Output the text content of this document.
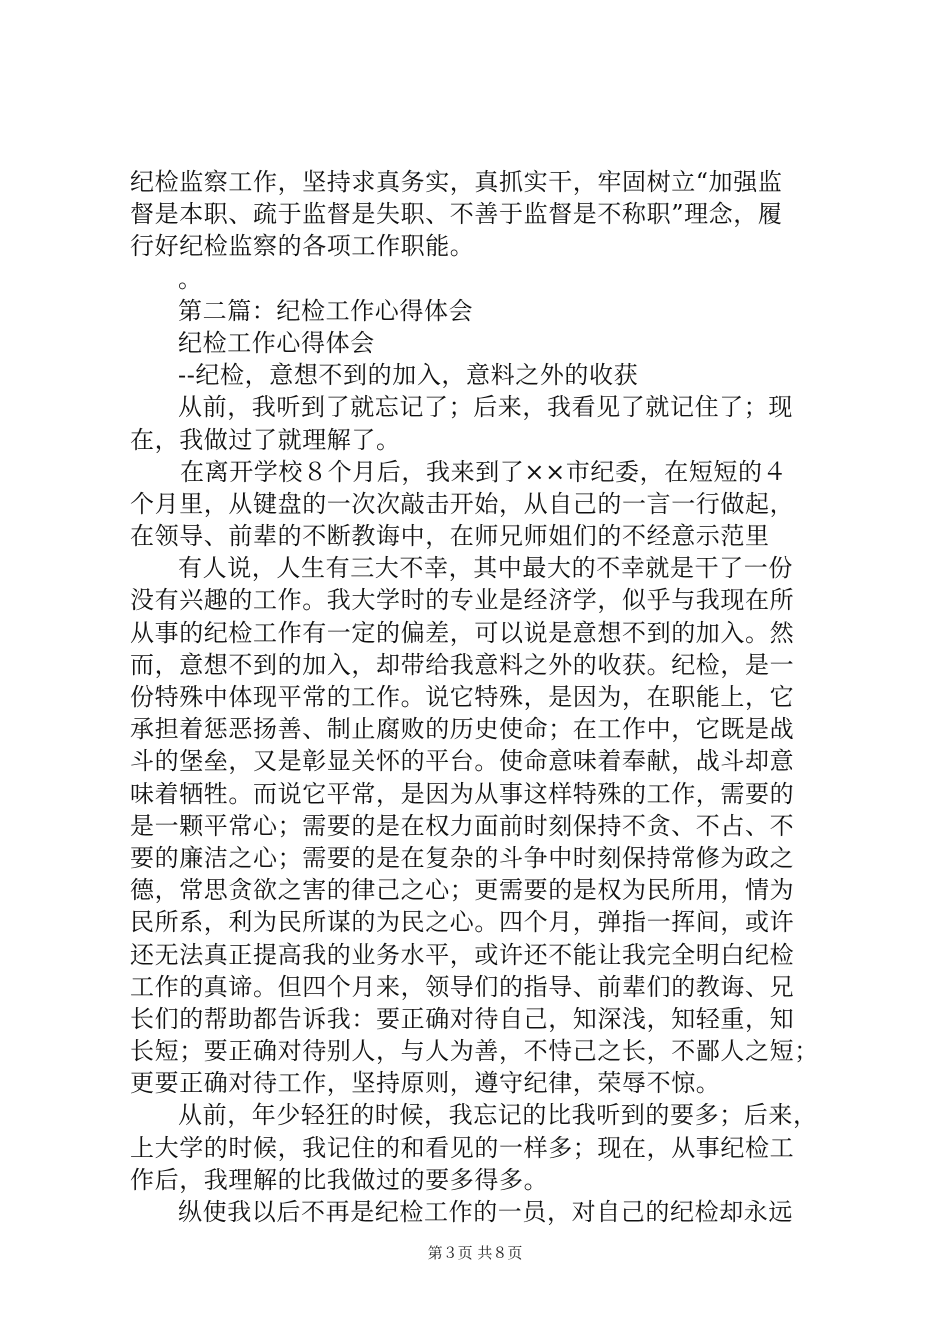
纪检监察工作，坚持求真务实，真抓实干，牢固树立“加强监
督是本职、疏于监督是失职、不善于监督是不称职”理念，履
行好纪检监察的各项工作职能。
。
第二篇：纪检工作心得体会
纪检工作心得体会
--纪检，意想不到的加入，意料之外的收获
从前，我听到了就忘记了；后来，我看见了就记住了；现
在，我做过了就理解了。
在离开学校８个月后，我来到了××市纪委，在短短的４
个月里，从键盘的一次次敲击开始，从自己的一言一行做起，
在领导、前辈的不断教诲中，在师兄师姐们的不经意示范里
有人说，人生有三大不幸，其中最大的不幸就是干了一份
没有兴趣的工作。我大学时的专业是经济学，似乎与我现在所
从事的纪检工作有一定的偏差，可以说是意想不到的加入。然
而，意想不到的加入，却带给我意料之外的收获。纪检，是一
份特殊中体现平常的工作。说它特殊，是因为，在职能上，它
承担着惩恶扬善、制止腐败的历史使命；在工作中，它既是战
斗的堡垒，又是彰显关怀的平台。使命意味着奉献，战斗却意
味着牺牲。而说它平常，是因为从事这样特殊的工作，需要的
是一颗平常心；需要的是在权力面前时刻保持不贪、不占、不
要的廉洁之心；需要的是在复杂的斗争中时刻保持常修为政之
德，常思贪欲之害的律己之心；更需要的是权为民所用，情为
民所系，利为民所谋的为民之心。四个月，弹指一挥间，或许
还无法真正提高我的业务水平，或许还不能让我完全明白纪检
工作的真谛。但四个月来，领导们的指导、前辈们的教诲、兄
长们的帮助都告诉我：要正确对待自己，知深浅，知轻重，知
长短；要正确对待别人，与人为善，不恃己之长，不鄙人之短；
更要正确对待工作，坚持原则，遵守纪律，荣辱不惊。
从前，年少轻狂的时候，我忘记的比我听到的要多；后来，
上大学的时候，我记住的和看见的一样多；现在，从事纪检工
作后，我理解的比我做过的要多得多。
纵使我以后不再是纪检工作的一员，对自己的纪检却永远
第３页 共８页
